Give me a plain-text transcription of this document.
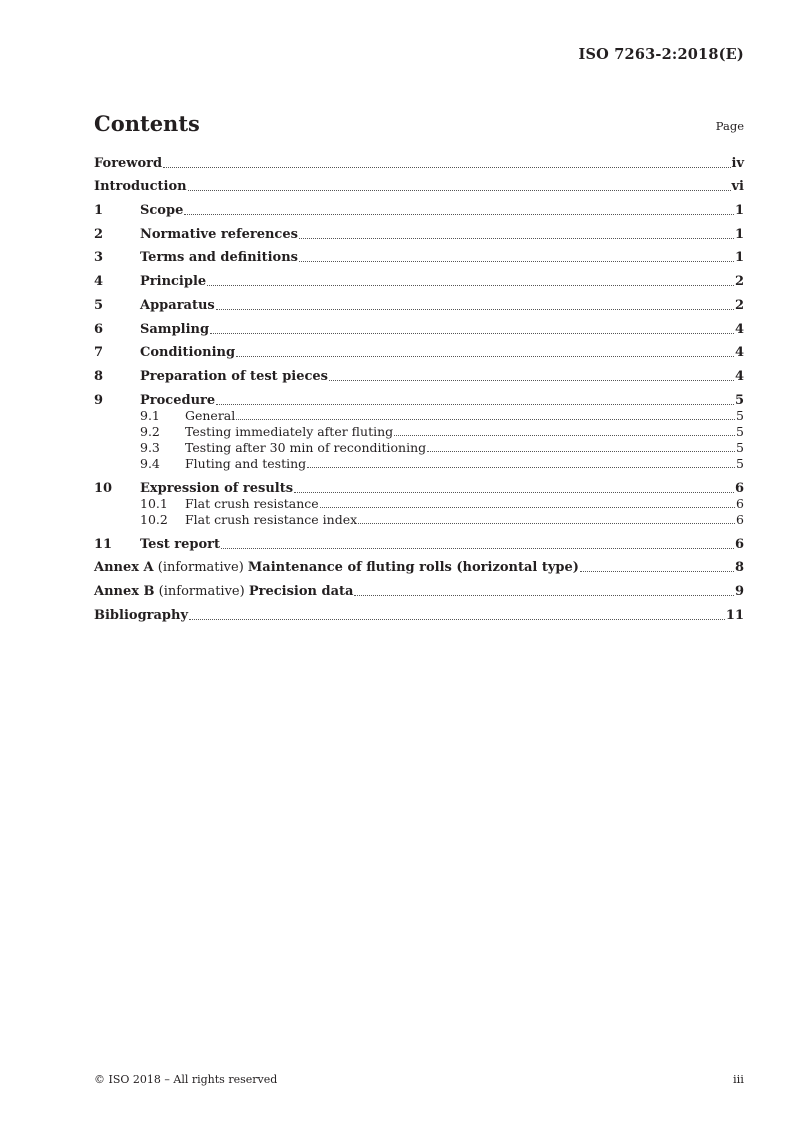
ISO 7263-2:2018(E)
Contents	Page
Foreword	iv
Introduction	vi
1	Scope	1
2	Normative references	1
3	Terms and definitions	1
4	Principle	2
5	Apparatus	2
6	Sampling	4
7	Conditioning	4
8	Preparation of test pieces	4
9	Procedure	5
9.1	General	5
9.2	Testing immediately after fluting	5
9.3	Testing after 30 min of reconditioning	5
9.4	Fluting and testing	5
10	Expression of results	6
10.1	Flat crush resistance	6
10.2	Flat crush resistance index	6
11	Test report	6
Annex A (informative) Maintenance of fluting rolls (horizontal type)	8
Annex B (informative) Precision data	9
Bibliography	11
© ISO 2018 – All rights reserved	iii
